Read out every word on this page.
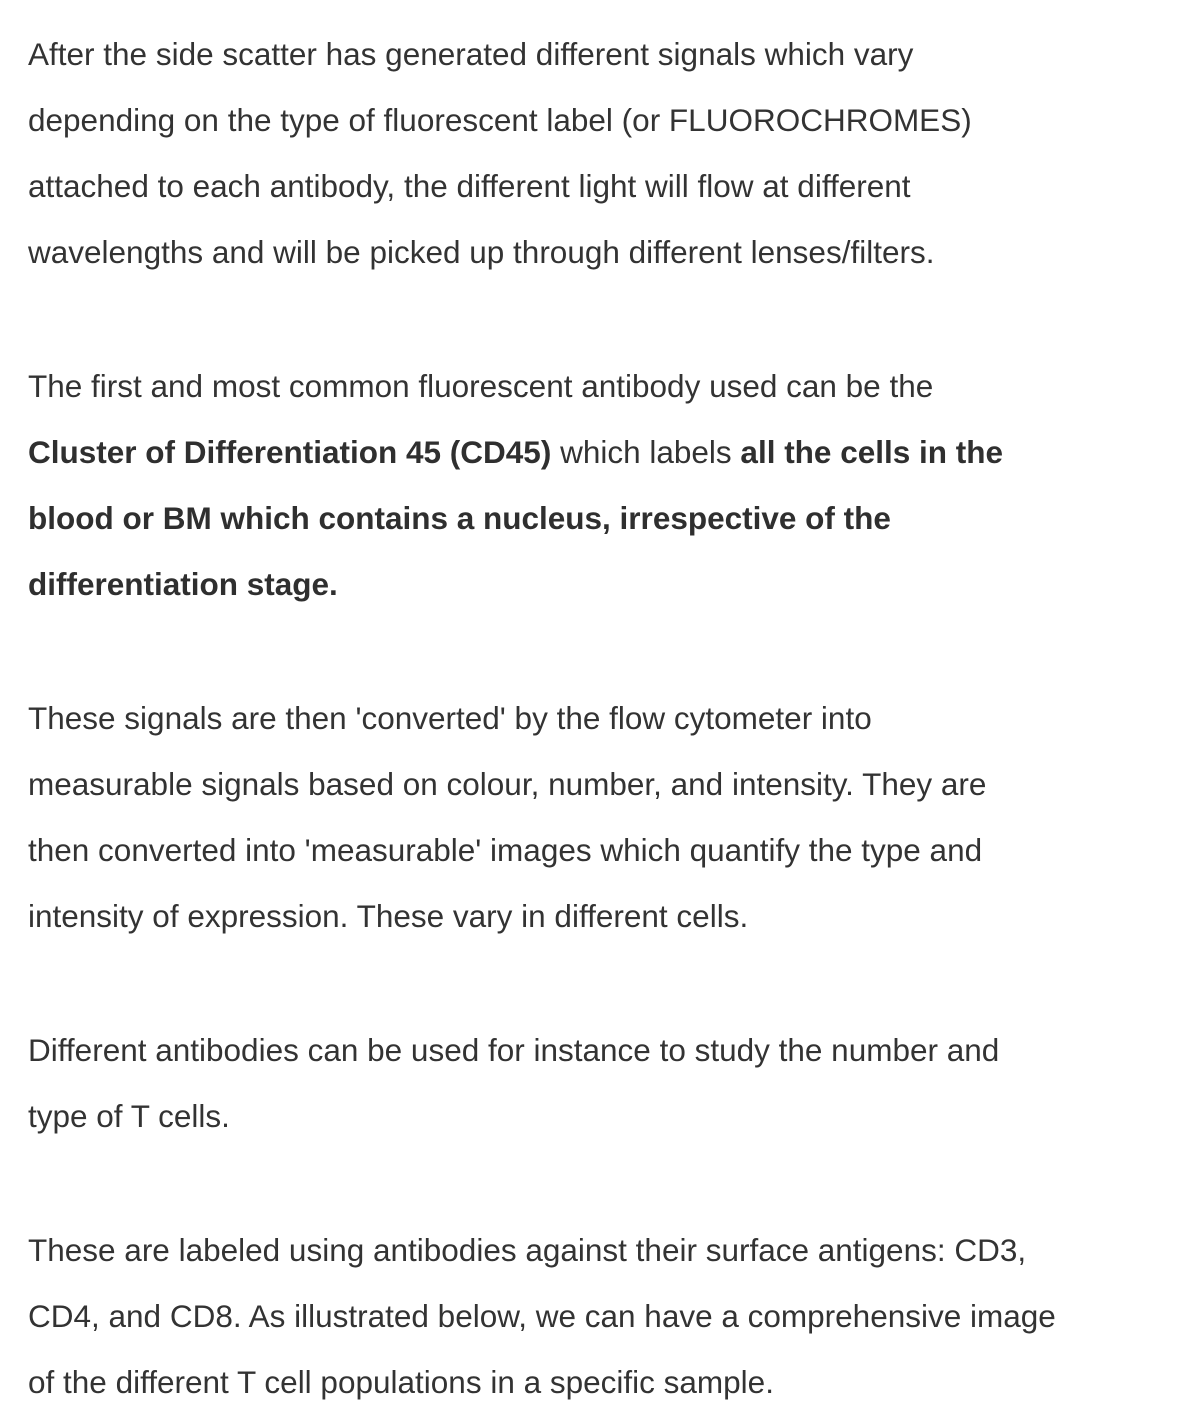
After the side scatter has generated different signals which vary
depending on the type of fluorescent label (or FLUOROCHROMES)
attached to each antibody, the different light will flow at different
wavelengths and will be picked up through different lenses/filters.

The first and most common fluorescent antibody used can be the
Cluster of Differentiation 45 (CD45) which labels all the cells in the
blood or BM which contains a nucleus, irrespective of the
differentiation stage.

These signals are then 'converted' by the flow cytometer into
measurable signals based on colour, number, and intensity. They are
then converted into 'measurable' images which quantify the type and
intensity of expression. These vary in different cells.

Different antibodies can be used for instance to study the number and
type of T cells.

These are labeled using antibodies against their surface antigens: CD3,
CD4, and CD8. As illustrated below, we can have a comprehensive image
of the different T cell populations in a specific sample.
